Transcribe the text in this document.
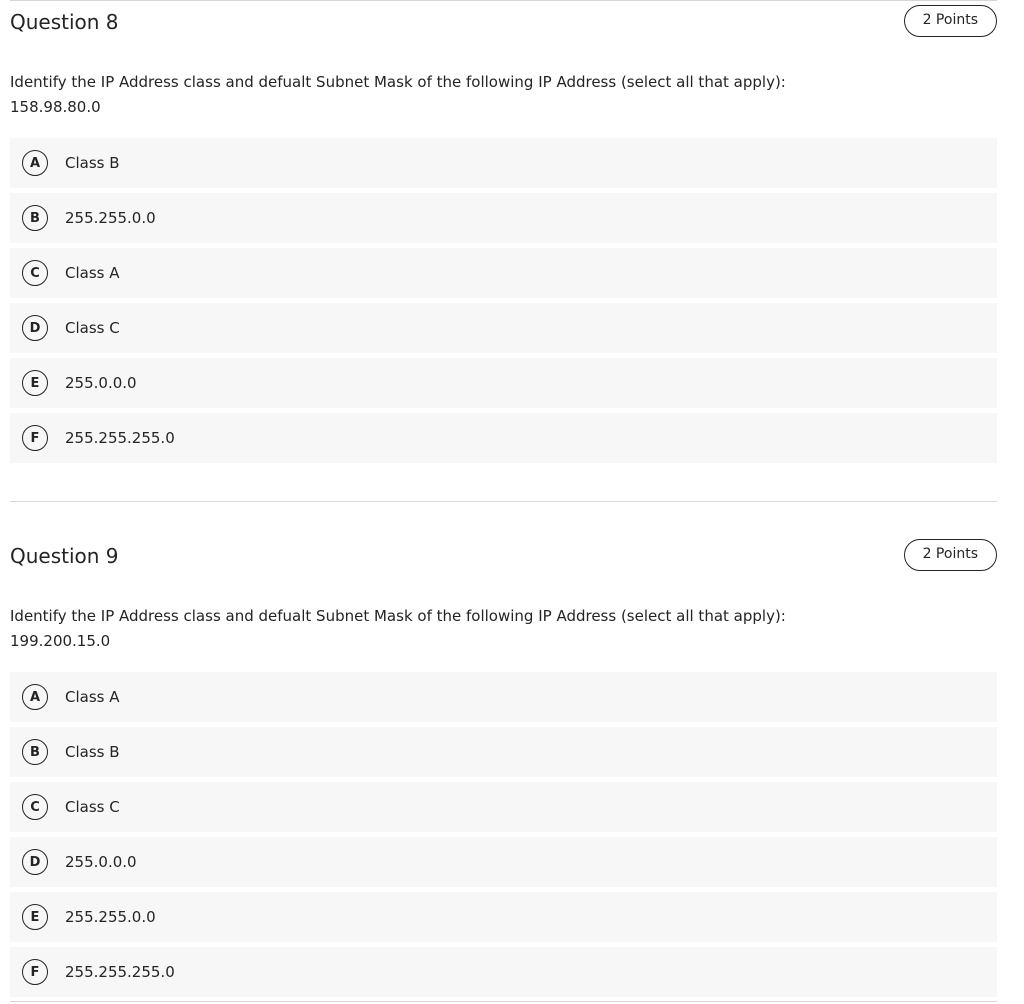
Question 8	2 Points

Identify the IP Address class and defualt Subnet Mask of the following IP Address (select all that apply):
158.98.80.0

A	Class B
B	255.255.0.0
C	Class A
D	Class C
E	255.0.0.0
F	255.255.255.0
Question 9	2 Points

Identify the IP Address class and defualt Subnet Mask of the following IP Address (select all that apply):
199.200.15.0

A	Class A
B	Class B
C	Class C
D	255.0.0.0
E	255.255.0.0
F	255.255.255.0
